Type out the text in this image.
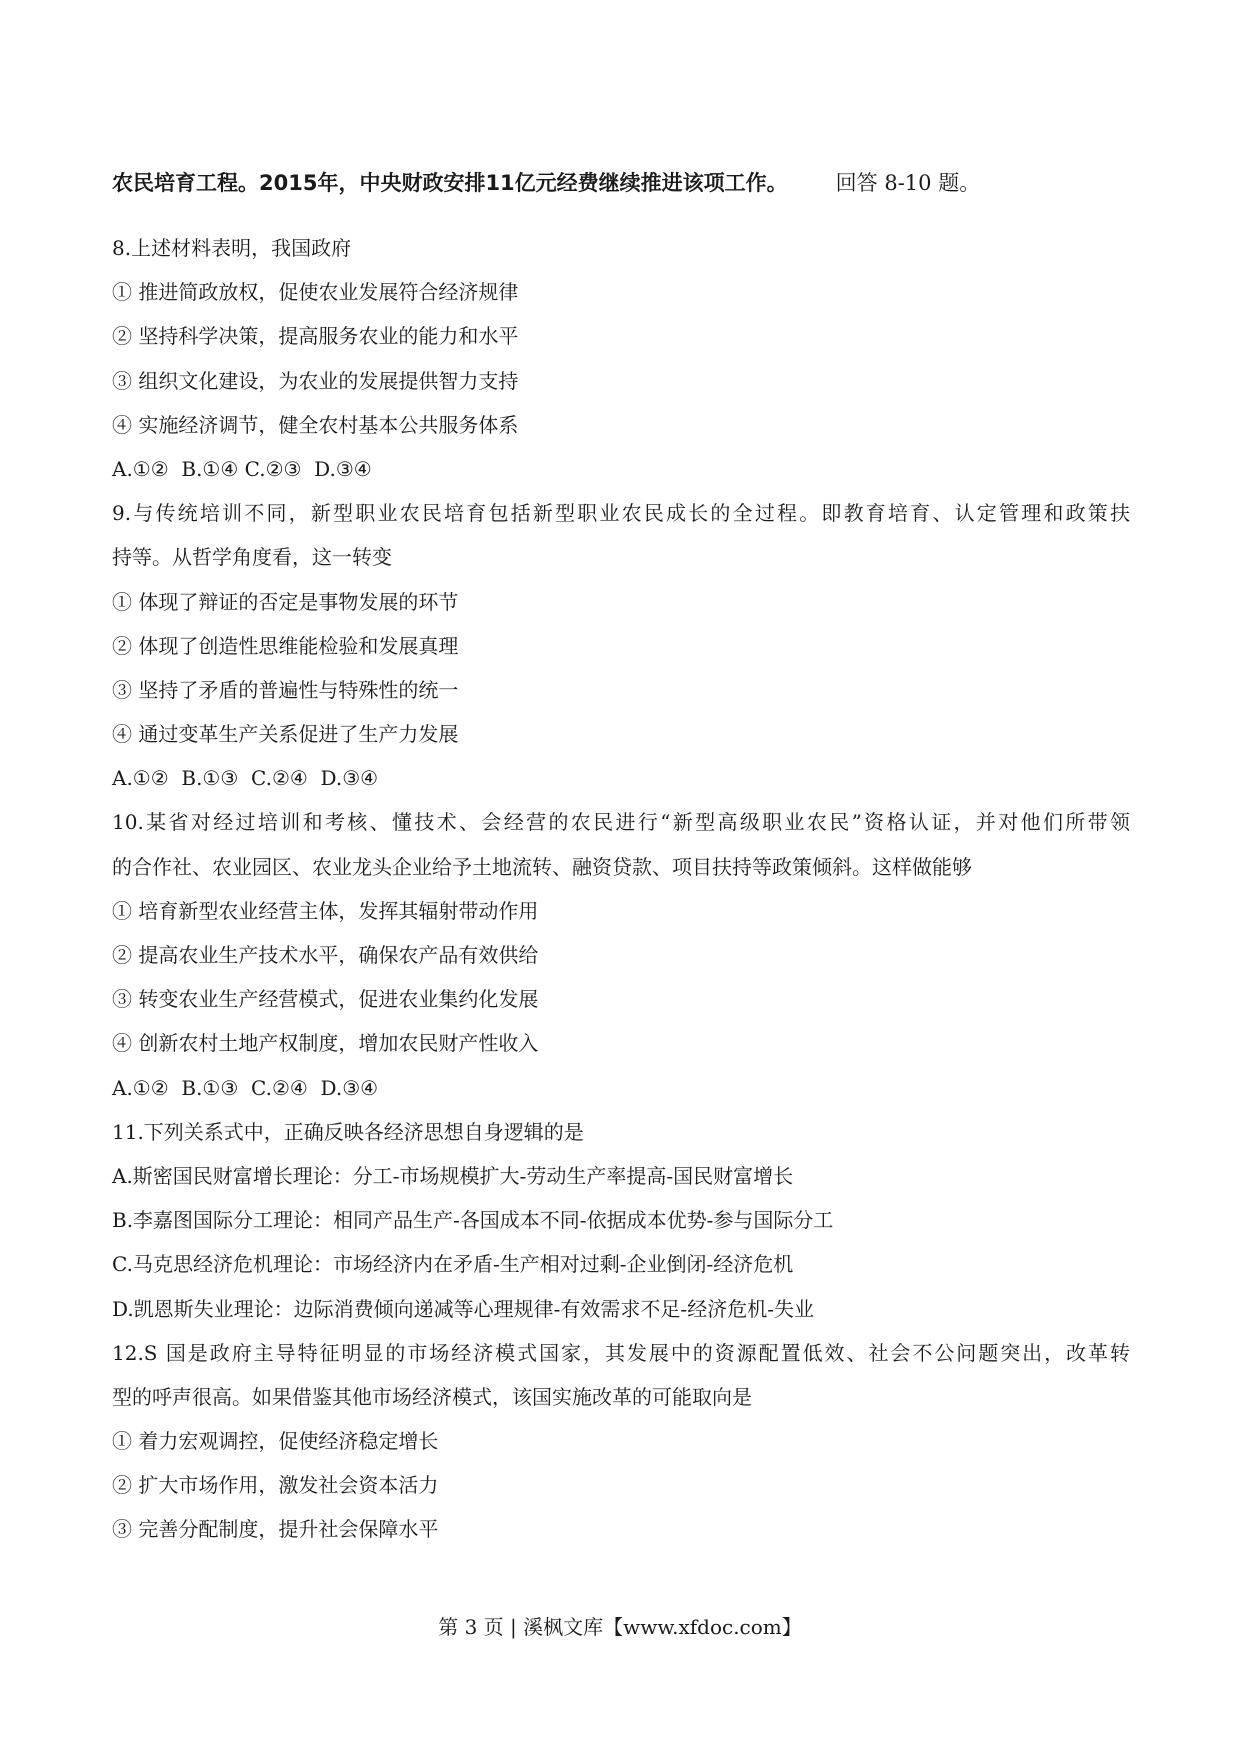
农民培育工程。2015年，中央财政安排11亿元经费继续推进该项工作。 回答 8-10 题。
8.上述材料表明，我国政府
① 推进简政放权，促使农业发展符合经济规律
② 坚持科学决策，提高服务农业的能力和水平
③ 组织文化建设，为农业的发展提供智力支持
④ 实施经济调节，健全农村基本公共服务体系
A.①②  B.①④ C.②③  D.③④
9.与传统培训不同，新型职业农民培育包括新型职业农民成长的全过程。即教育培育、认定管理和政策扶
持等。从哲学角度看，这一转变
① 体现了辩证的否定是事物发展的环节
② 体现了创造性思维能检验和发展真理
③ 坚持了矛盾的普遍性与特殊性的统一
④ 通过变革生产关系促进了生产力发展
A.①②  B.①③  C.②④  D.③④
10.某省对经过培训和考核、懂技术、会经营的农民进行“新型高级职业农民”资格认证，并对他们所带领
的合作社、农业园区、农业龙头企业给予土地流转、融资贷款、项目扶持等政策倾斜。这样做能够
① 培育新型农业经营主体，发挥其辐射带动作用
② 提高农业生产技术水平，确保农产品有效供给
③ 转变农业生产经营模式，促进农业集约化发展
④ 创新农村土地产权制度，增加农民财产性收入
A.①②  B.①③  C.②④  D.③④
11.下列关系式中，正确反映各经济思想自身逻辑的是
A.斯密国民财富增长理论：分工-市场规模扩大-劳动生产率提高-国民财富增长
B.李嘉图国际分工理论：相同产品生产-各国成本不同-依据成本优势-参与国际分工
C.马克思经济危机理论：市场经济内在矛盾-生产相对过剩-企业倒闭-经济危机
D.凯恩斯失业理论：边际消费倾向递减等心理规律-有效需求不足-经济危机-失业
12.S 国是政府主导特征明显的市场经济模式国家，其发展中的资源配置低效、社会不公问题突出，改革转
型的呼声很高。如果借鉴其他市场经济模式，该国实施改革的可能取向是
① 着力宏观调控，促使经济稳定增长
② 扩大市场作用，激发社会资本活力
③ 完善分配制度，提升社会保障水平
第 3 页 | 溪枫文库【www.xfdoc.com】
